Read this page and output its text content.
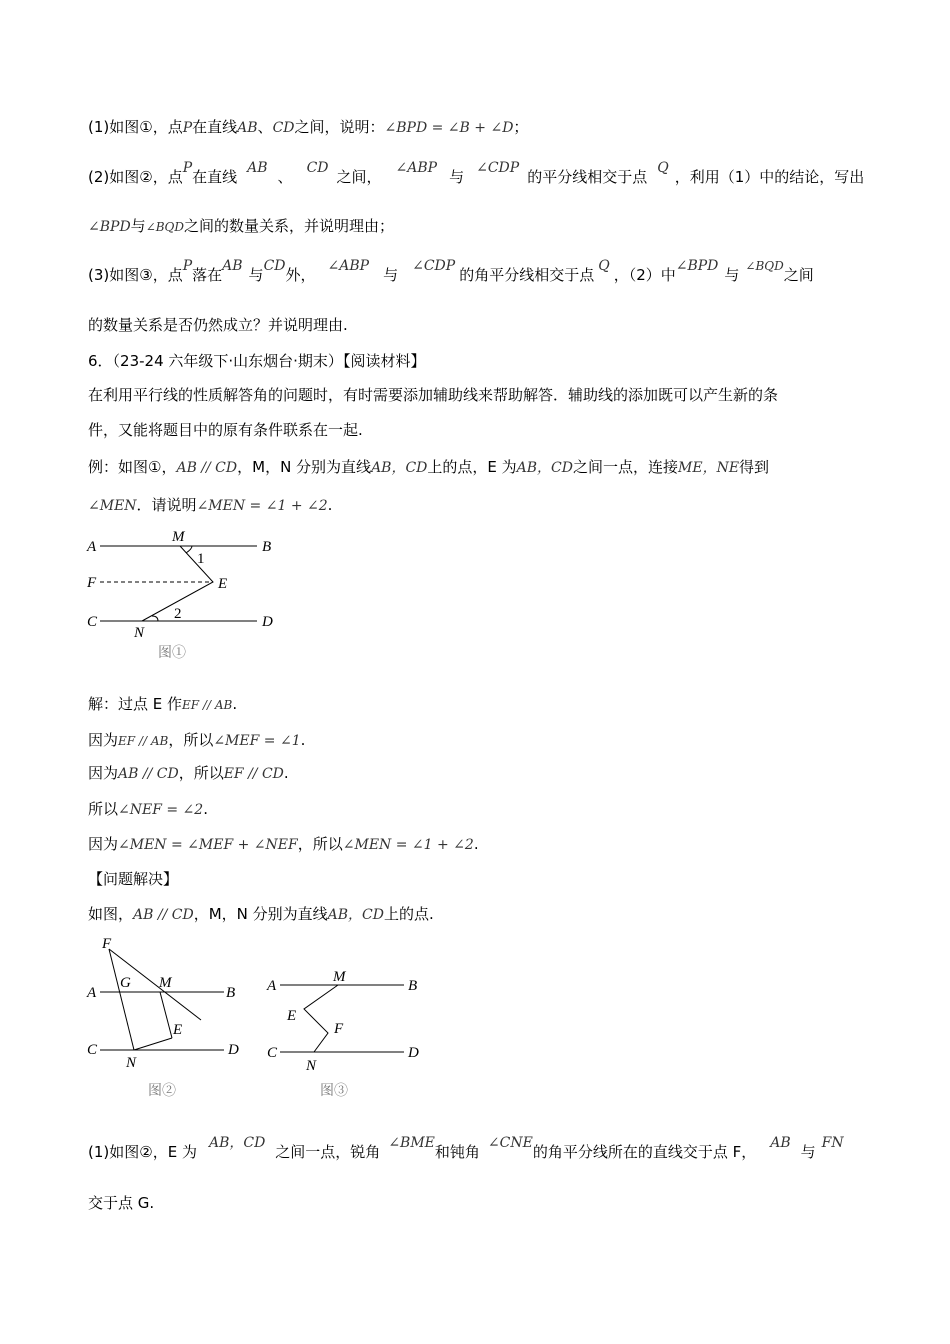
(1)如图①，点P在直线AB、CD之间，说明：∠BPD = ∠B + ∠D；
(2)如图②，点P在直线 AB 、 CD 之间， ∠ABP 与 ∠CDP 的平分线相交于点 Q ，利用（1）中的结论，写出
∠BPD与∠BQD之间的数量关系，并说明理由；
(3)如图③，点P落在AB 与CD外， ∠ABP 与 ∠CDP 的角平分线相交于点 Q ，（2）中∠BPD 与 $^{\angle BQD}$之间
的数量关系是否仍然成立？并说明理由.
6．（23-24 六年级下·山东烟台·期末）【阅读材料】
在利用平行线的性质解答角的问题时，有时需要添加辅助线来帮助解答．辅助线的添加既可以产生新的条
件，又能将题目中的原有条件联系在一起.
例：如图①，AB // CD，M，N 分别为直线AB，CD上的点，E 为AB，CD之间一点，连接ME，NE得到
∠MEN．请说明∠MEN = ∠1 + ∠2.
A	B
F	E
C	D
M
N
1
2
图①
解：过点 E 作EF // AB.
因为EF // AB，所以∠MEF = ∠1.
因为AB // CD，所以EF // CD.
所以∠NEF = ∠2.
因为∠MEN = ∠MEF + ∠NEF，所以∠MEN = ∠1 + ∠2.
【问题解决】
如图，AB // CD，M，N 分别为直线AB，CD上的点.
F
A
G M
B
E
C
N
D
图②
A
M
B
E
F
C
N
D
图③
(1)如图②，E 为 AB，CD 之间一点，锐角 ∠BME和钝角 ∠CNE的角平分线所在的直线交于点 F， AB 与 FN
交于点 G.
